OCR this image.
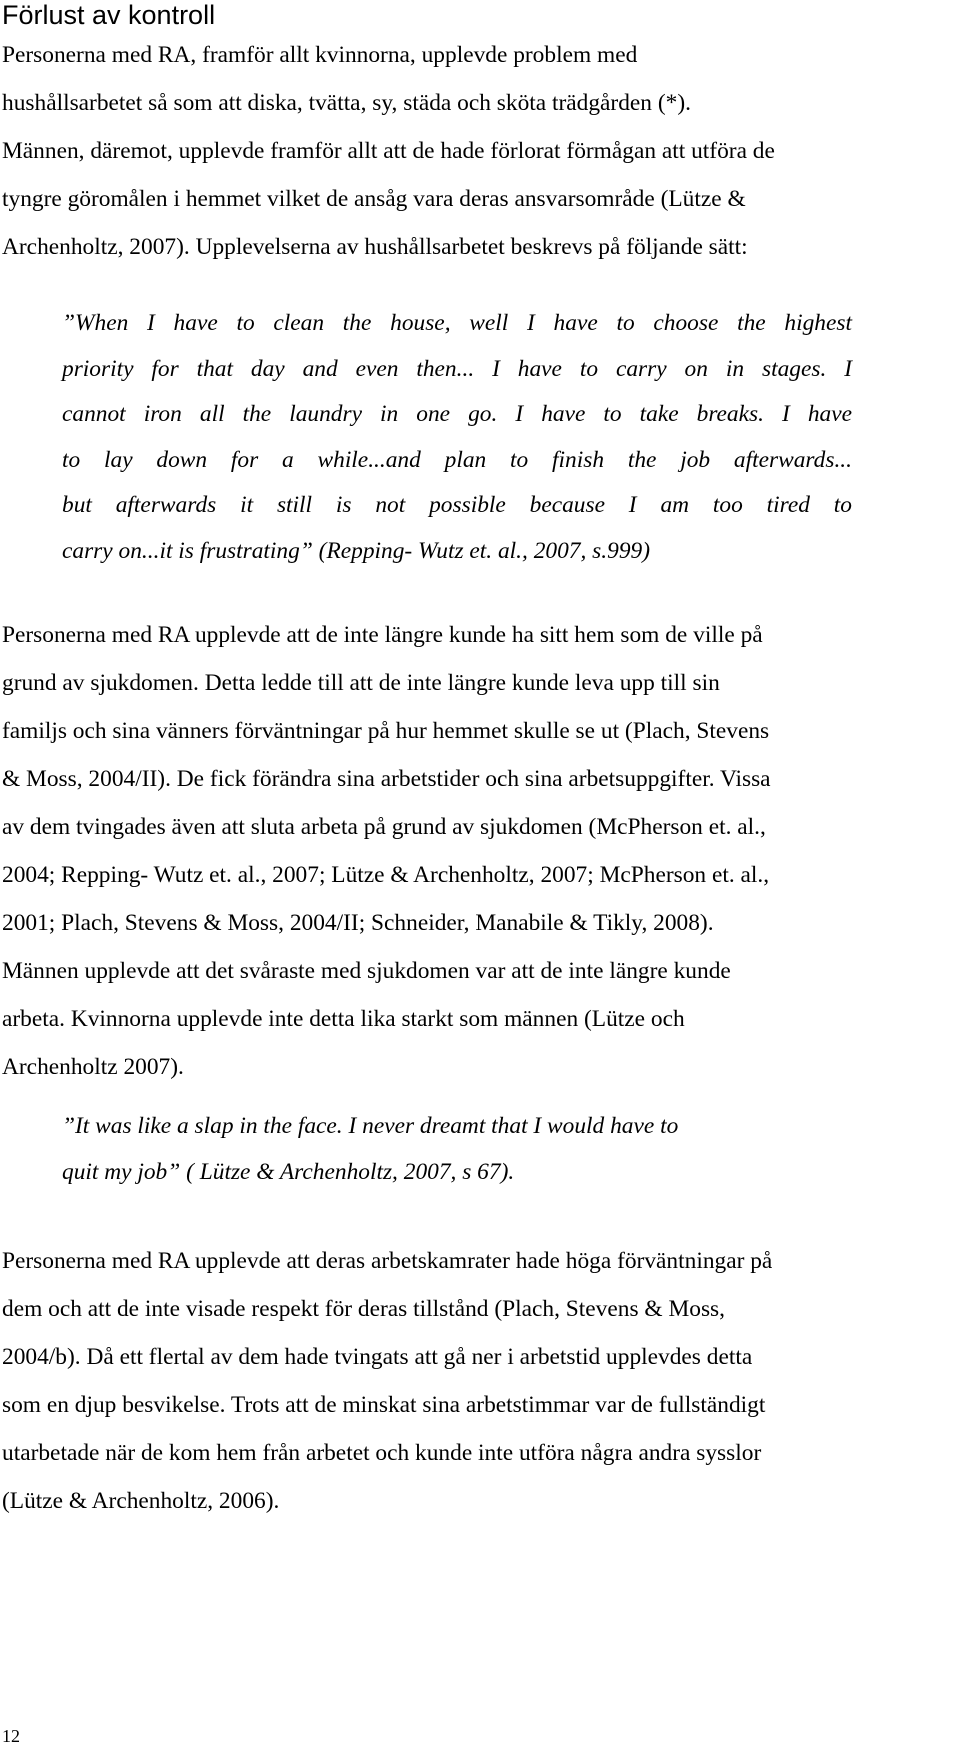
Förlust av kontroll
Personerna med RA, framför allt kvinnorna, upplevde problem med
hushållsarbetet så som att diska, tvätta, sy, städa och sköta trädgården (*).
Männen, däremot, upplevde framför allt att de hade förlorat förmågan att utföra de
tyngre göromålen i hemmet vilket de ansåg vara deras ansvarsområde (Lütze &
Archenholtz, 2007). Upplevelserna av hushållsarbetet beskrevs på följande sätt:
”When I have to clean the house, well I have to choose the highest
priority for that day and even then... I have to carry on in stages. I
cannot iron all the laundry in one go. I have to take breaks. I have
to lay down for a while...and plan to finish the job afterwards...
but afterwards it still is not possible because I am too tired to
carry on...it is frustrating” (Repping- Wutz et. al., 2007, s.999)
Personerna med RA upplevde att de inte längre kunde ha sitt hem som de ville på
grund av sjukdomen. Detta ledde till att de inte längre kunde leva upp till sin
familjs och sina vänners förväntningar på hur hemmet skulle se ut (Plach, Stevens
& Moss, 2004/II). De fick förändra sina arbetstider och sina arbetsuppgifter. Vissa
av dem tvingades även att sluta arbeta på grund av sjukdomen (McPherson et. al.,
2004; Repping- Wutz et. al., 2007; Lütze & Archenholtz, 2007; McPherson et. al.,
2001; Plach, Stevens & Moss, 2004/II; Schneider, Manabile & Tikly, 2008).
Männen upplevde att det svåraste med sjukdomen var att de inte längre kunde
arbeta. Kvinnorna upplevde inte detta lika starkt som männen (Lütze och
Archenholtz 2007).
”It was like a slap in the face. I never dreamt that I would have to
quit my job” ( Lütze & Archenholtz, 2007, s 67).
Personerna med RA upplevde att deras arbetskamrater hade höga förväntningar på
dem och att de inte visade respekt för deras tillstånd (Plach, Stevens & Moss,
2004/b). Då ett flertal av dem hade tvingats att gå ner i arbetstid upplevdes detta
som en djup besvikelse. Trots att de minskat sina arbetstimmar var de fullständigt
utarbetade när de kom hem från arbetet och kunde inte utföra några andra sysslor
(Lütze & Archenholtz, 2006).
12
